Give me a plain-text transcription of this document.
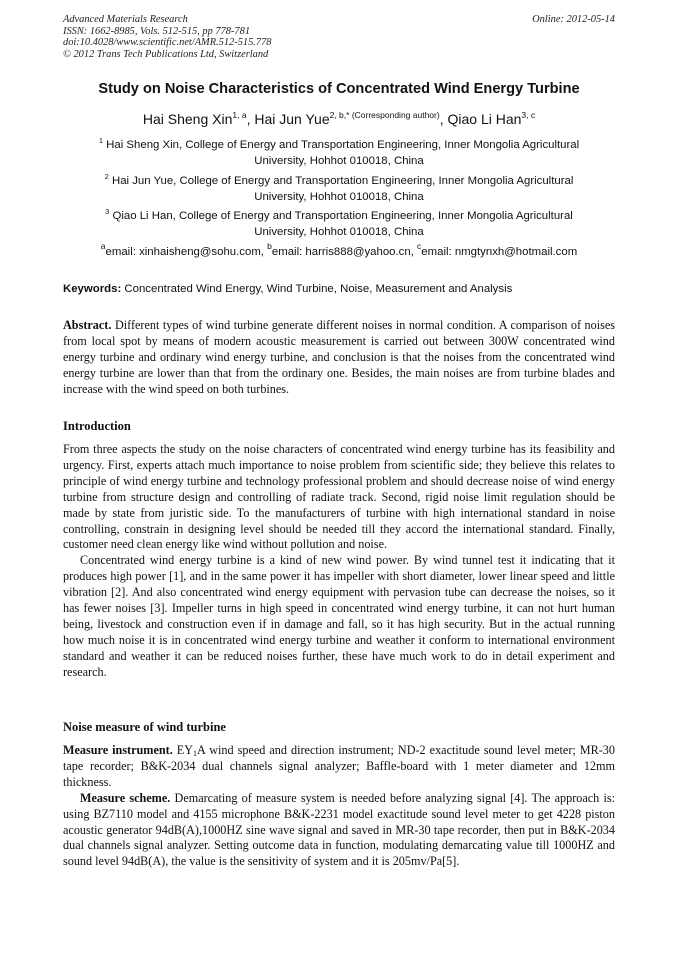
Advanced Materials Research
ISSN: 1662-8985, Vols. 512-515, pp 778-781
doi:10.4028/www.scientific.net/AMR.512-515.778
© 2012 Trans Tech Publications Ltd, Switzerland
Online: 2012-05-14
Study on Noise Characteristics of Concentrated Wind Energy Turbine
Hai Sheng Xin$^{1, a}$, Hai Jun Yue$^{2, b,* (Corresponding author)}$, Qiao Li Han$^{3, c}$
$^1$ Hai Sheng Xin, College of Energy and Transportation Engineering, Inner Mongolia Agricultural
University, Hohhot 010018, China
$^2$ Hai Jun Yue, College of Energy and Transportation Engineering, Inner Mongolia Agricultural
University, Hohhot 010018, China
$^3$ Qiao Li Han, College of Energy and Transportation Engineering, Inner Mongolia Agricultural
University, Hohhot 010018, China
$^a$email: xinhaisheng@sohu.com, $^b$email: harris888@yahoo.cn, $^c$email: nmgtynxh@hotmail.com
Keywords: Concentrated Wind Energy, Wind Turbine, Noise, Measurement and Analysis

Abstract. Different types of wind turbine generate different noises in normal condition. A comparison of noises from local spot by means of modern acoustic measurement is carried out between 300W concentrated wind energy turbine and ordinary wind energy turbine, and conclusion is that the noises from the concentrated wind energy turbine are lower than that from the ordinary one. Besides, the main noises are from turbine blades and increase with the wind speed on both turbines.

Introduction

From three aspects the study on the noise characters of concentrated wind energy turbine has its feasibility and urgency. First, experts attach much importance to noise problem from scientific side; they believe this relates to principle of wind energy turbine and technology professional problem and should decrease noise of wind energy turbine from structure design and controlling of radiate track. Second, rigid noise limit regulation should be made by state from juristic side. To the manufacturers of turbine with high international standard in noise controlling, constrain in designing level should be needed till they accord the international standard. Finally, customer need clean energy like wind without pollution and noise.

Concentrated wind energy turbine is a kind of new wind power. By wind tunnel test it indicating that it produces high power [1], and in the same power it has impeller with short diameter, lower linear speed and little vibration [2]. And also concentrated wind energy equipment with pervasion tube can decrease the noises, so it has fewer noises [3]. Impeller turns in high speed in concentrated wind energy turbine, it can not hurt human being, livestock and construction even if in damage and fall, so it has high security. But in the actual running how much noise it is in concentrated wind energy turbine and weather it conform to international environment standard and weather it can be reduced noises further, these have much work to do in detail experiment and research.

Noise measure of wind turbine

Measure instrument. $EY_1A$ wind speed and direction instrument; ND-2 exactitude sound level meter; MR-30 tape recorder; B&K-2034 dual channels signal analyzer; Baffle-board with 1 meter diameter and 12mm thickness.

Measure scheme. Demarcating of measure system is needed before analyzing signal [4]. The approach is: using BZ7110 model and 4155 microphone B&K-2231 model exactitude sound level meter to get 4228 piston acoustic generator 94dB(A),1000HZ sine wave signal and saved in MR-30 tape recorder, then put in B&K-2034 dual channels signal analyzer. Setting outcome data in function, modulating demarcating value till 1000HZ and sound level 94dB(A), the value is the sensitivity of system and it is 205mv/Pa[5].
